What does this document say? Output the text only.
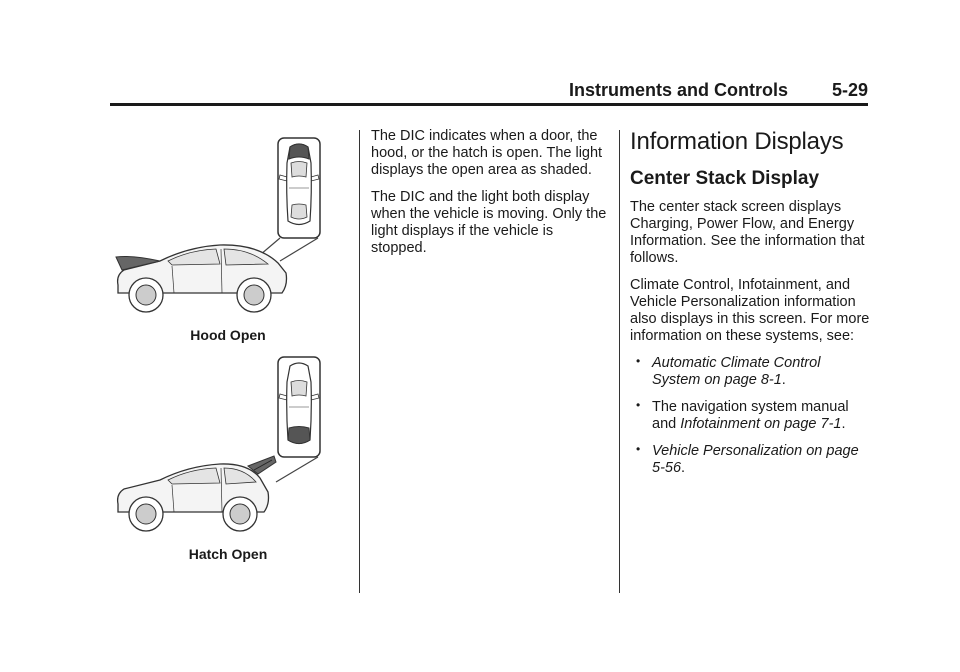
Instruments and Controls 5-29
Hood Open
Hatch Open

The DIC indicates when a door, the hood, or the hatch is open. The light displays the open area as shaded.

The DIC and the light both display when the vehicle is moving. Only the light displays if the vehicle is stopped.

Information Displays
Center Stack Display

The center stack screen displays Charging, Power Flow, and Energy Information. See the information that follows.

Climate Control, Infotainment, and Vehicle Personalization information also displays in this screen. For more information on these systems, see:

• Automatic Climate Control System on page 8-1.
• The navigation system manual and Infotainment on page 7-1.
• Vehicle Personalization on page 5-56.
